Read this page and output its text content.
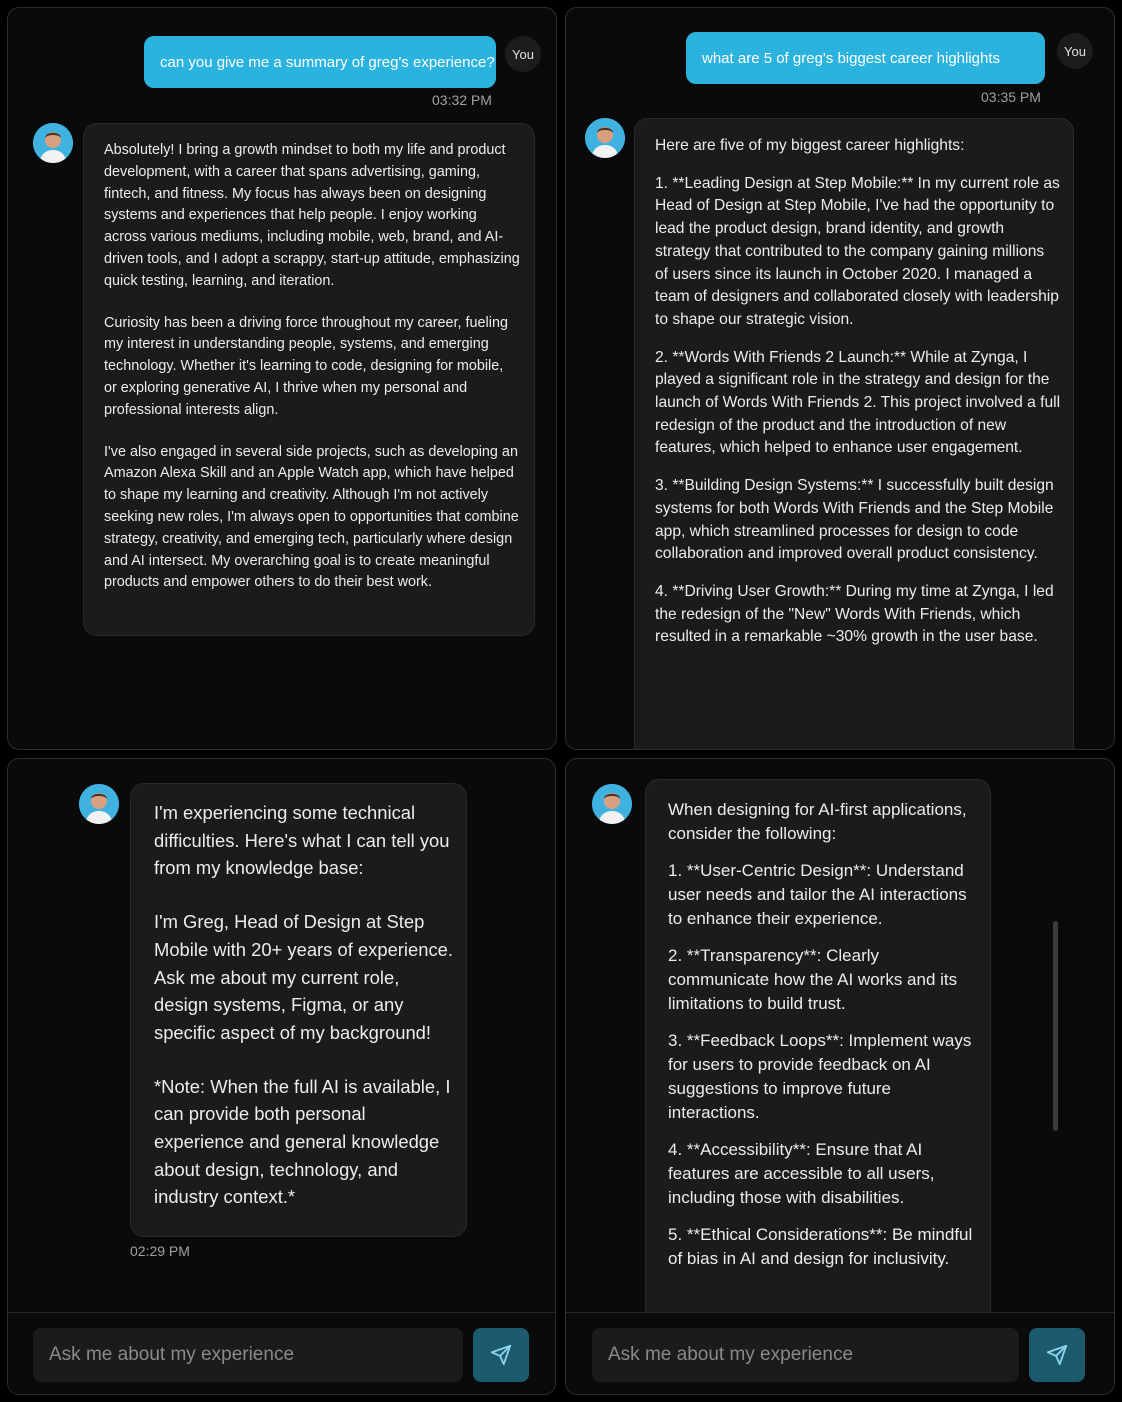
can you give me a summary of greg's experience? You
03:32 PM

Absolutely! I bring a growth mindset to both my life and product development, with a career that spans advertising, gaming, fintech, and fitness. My focus has always been on designing systems and experiences that help people. I enjoy working across various mediums, including mobile, web, brand, and AI-driven tools, and I adopt a scrappy, start-up attitude, emphasizing quick testing, learning, and iteration.

Curiosity has been a driving force throughout my career, fueling my interest in understanding people, systems, and emerging technology. Whether it's learning to code, designing for mobile, or exploring generative AI, I thrive when my personal and professional interests align.

I've also engaged in several side projects, such as developing an Amazon Alexa Skill and an Apple Watch app, which have helped to shape my learning and creativity. Although I'm not actively seeking new roles, I'm always open to opportunities that combine strategy, creativity, and emerging tech, particularly where design and AI intersect. My overarching goal is to create meaningful products and empower others to do their best work.

what are 5 of greg's biggest career highlights	You
03:35 PM

Here are five of my biggest career highlights:

1. **Leading Design at Step Mobile:** In my current role as Head of Design at Step Mobile, I've had the opportunity to lead the product design, brand identity, and growth strategy that contributed to the company gaining millions of users since its launch in October 2020. I managed a team of designers and collaborated closely with leadership to shape our strategic vision.

2. **Words With Friends 2 Launch:** While at Zynga, I played a significant role in the strategy and design for the launch of Words With Friends 2. This project involved a full redesign of the product and the introduction of new features, which helped to enhance user engagement.

3. **Building Design Systems:** I successfully built design systems for both Words With Friends and the Step Mobile app, which streamlined processes for design to code collaboration and improved overall product consistency.

4. **Driving User Growth:** During my time at Zynga, I led the redesign of the "New" Words With Friends, which resulted in a remarkable ~30% growth in the user base.

I'm experiencing some technical difficulties. Here's what I can tell you from my knowledge base:

I'm Greg, Head of Design at Step Mobile with 20+ years of experience. Ask me about my current role, design systems, Figma, or any specific aspect of my background!

*Note: When the full AI is available, I can provide both personal experience and general knowledge about design, technology, and industry context.*

02:29 PM
Ask me about my experience

When designing for AI-first applications, consider the following:

1. **User-Centric Design**: Understand user needs and tailor the AI interactions to enhance their experience.

2. **Transparency**: Clearly communicate how the AI works and its limitations to build trust.

3. **Feedback Loops**: Implement ways for users to provide feedback on AI suggestions to improve future interactions.

4. **Accessibility**: Ensure that AI features are accessible to all users, including those with disabilities.

5. **Ethical Considerations**: Be mindful of bias in AI and design for inclusivity.

Ask me about my experience
